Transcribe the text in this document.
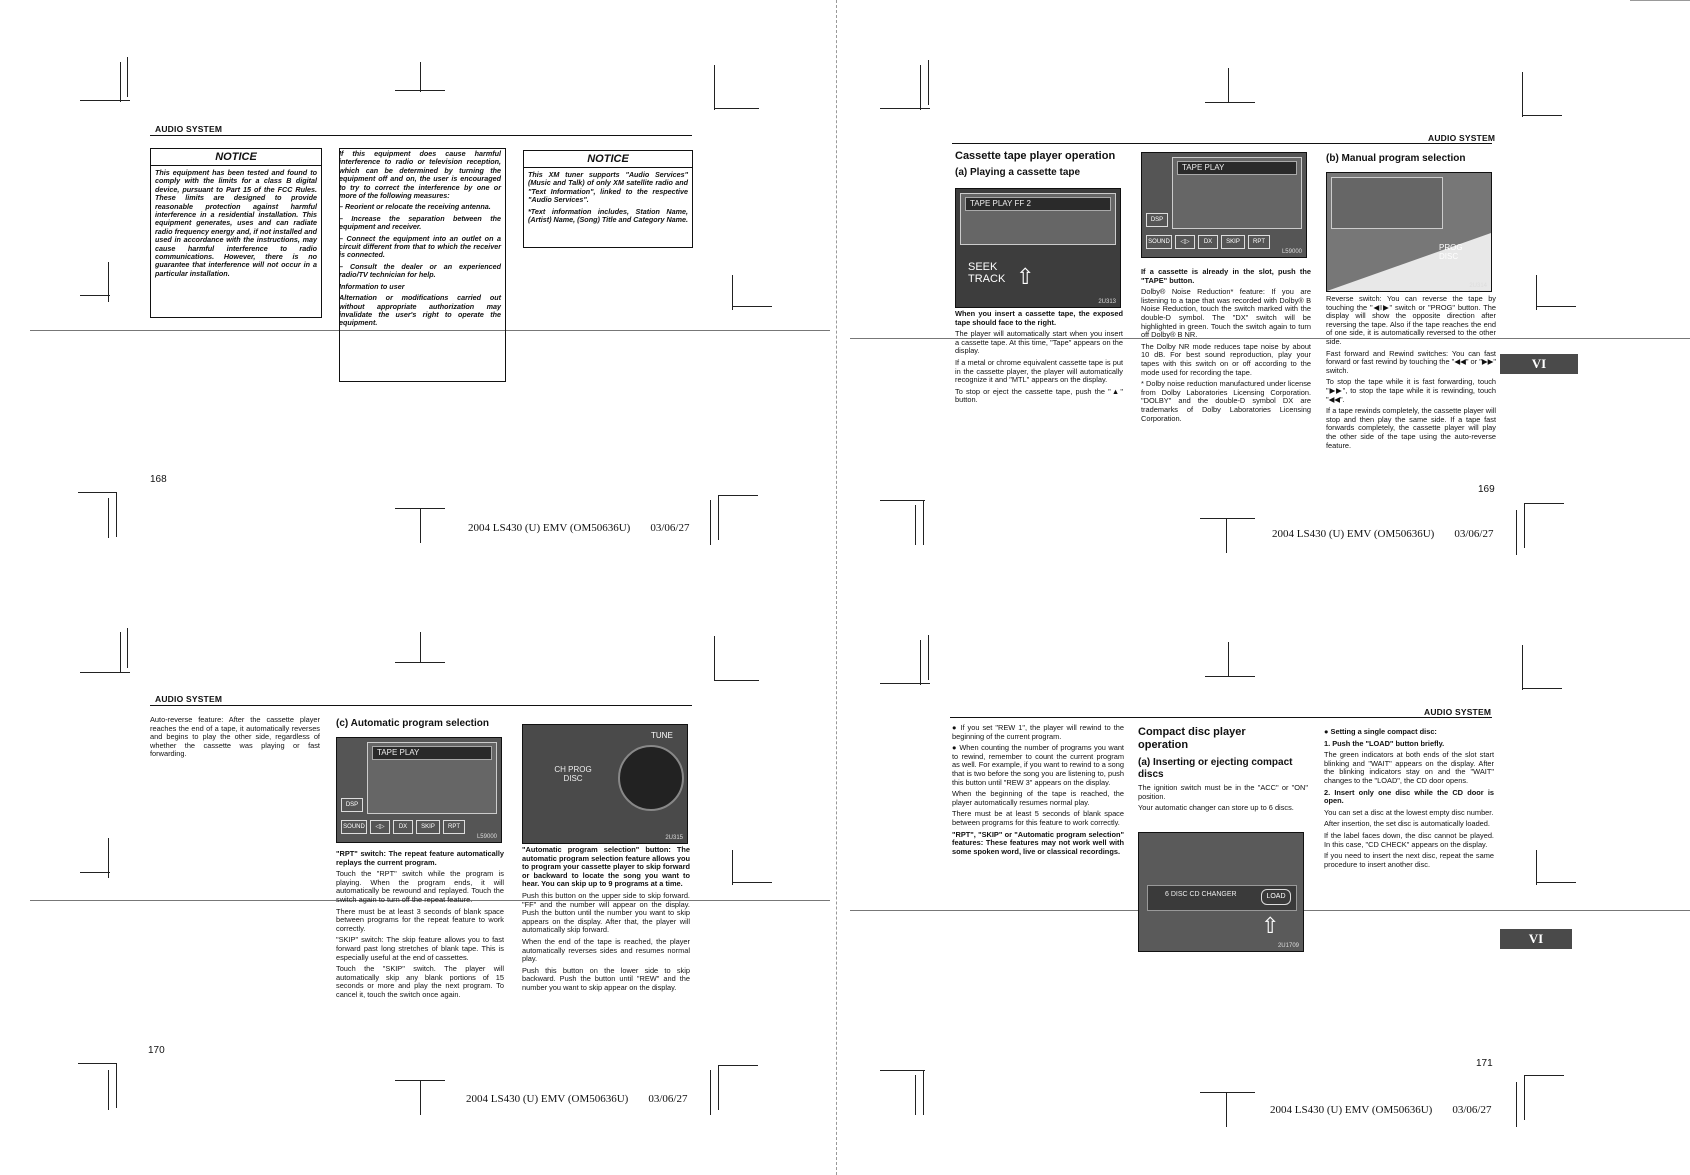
AUDIO SYSTEM
NOTICE
This equipment has been tested and found to comply with the limits for a class B digital device, pursuant to Part 15 of the FCC Rules. These limits are designed to provide reasonable protection against harmful interference in a residential installation. This equipment generates, uses and can radiate radio frequency energy and, if not installed and used in accordance with the instructions, may cause harmful interference to radio communications. However, there is no guarantee that interference will not occur in a particular installation.

If this equipment does cause harmful interference to radio or television reception, which can be determined by turning the equipment off and on, the user is encouraged to try to correct the interference by one or more of the following measures:

– Reorient or relocate the receiving antenna.

– Increase the separation between the equipment and receiver.

– Connect the equipment into an outlet on a circuit different from that to which the receiver is connected.

– Consult the dealer or an experienced radio/TV technician for help.

Information to user

Alternation or modifications carried out without appropriate authorization may invalidate the user's right to operate the equipment.

NOTICE
This XM tuner supports "Audio Services" (Music and Talk) of only XM satellite radio and "Text Information", linked to the respective "Audio Services".
*Text information includes, Station Name, (Artist) Name, (Song) Title and Category Name.
168
2004 LS430 (U) EMV (OM50636U) 03/06/27
AUDIO SYSTEM
Cassette tape player operation
(a) Playing a cassette tape
TAPE PLAY FF 2
SEEK
TRACK ⇧
2U313

When you insert a cassette tape, the exposed tape should face to the right.

The player will automatically start when you insert a cassette tape. At this time, "Tape" appears on the display.

If a metal or chrome equivalent cassette tape is put in the cassette player, the player will automatically recognize it and "MTL" appears on the display.

To stop or eject the cassette tape, push the "▲" button.

TAPE PLAY
DSP
SOUND	◁▷	DX	SKIP	RPT
L59000

If a cassette is already in the slot, push the "TAPE" button.

Dolby® Noise Reduction* feature: If you are listening to a tape that was recorded with Dolby® B Noise Reduction, touch the switch marked with the double-D symbol. The "DX" switch will be highlighted in green. Touch the switch again to turn off Dolby® B NR.

The Dolby NR mode reduces tape noise by about 10 dB. For best sound reproduction, play your tapes with this switch on or off according to the mode used for recording the tape.

* Dolby noise reduction manufactured under license from Dolby Laboratories Licensing Corporation. "DOLBY" and the double-D symbol DX are trademarks of Dolby Laboratories Licensing Corporation.

(b) Manual program selection
PROG DISC
2U314

Reverse switch: You can reverse the tape by touching the "◀I▶" switch or "PROG" button. The display will show the opposite direction after reversing the tape. Also if the tape reaches the end of one side, it is automatically reversed to the other side.

Fast forward and Rewind switches: You can fast forward or fast rewind by touching the "◀◀" or "▶▶" switch.

To stop the tape while it is fast forwarding, touch "▶▶", to stop the tape while it is rewinding, touch "◀◀".

If a tape rewinds completely, the cassette player will stop and then play the same side. If a tape fast forwards completely, the cassette player will play the other side of the tape using the auto-reverse feature.

VI
169
2004 LS430 (U) EMV (OM50636U) 03/06/27
AUDIO SYSTEM

Auto-reverse feature: After the cassette player reaches the end of a tape, it automatically reverses and begins to play the other side, regardless of whether the cassette was playing or fast forwarding.

(c) Automatic program selection
TAPE PLAY
DSP
SOUND	◁▷	DX	SKIP	RPT
L59000

"RPT" switch: The repeat feature automatically replays the current program.

Touch the "RPT" switch while the program is playing. When the program ends, it will automatically be rewound and replayed. Touch the switch again to turn off the repeat feature.

There must be at least 3 seconds of blank space between programs for the repeat feature to work correctly.

"SKIP" switch: The skip feature allows you to fast forward past long stretches of blank tape. This is especially useful at the end of cassettes.

Touch the "SKIP" switch. The player will automatically skip any blank portions of 15 seconds or more and play the next program. To cancel it, touch the switch once again.

TUNE
CH PROG DISC
2U315

"Automatic program selection" button: The automatic program selection feature allows you to program your cassette player to skip forward or backward to locate the song you want to hear. You can skip up to 9 programs at a time.

Push this button on the upper side to skip forward. "FF" and the number will appear on the display. Push the button until the number you want to skip appears on the display. After that, the player will automatically skip forward.

When the end of the tape is reached, the player automatically reverses sides and resumes normal play.

Push this button on the lower side to skip backward. Push the button until "REW" and the number you want to skip appear on the display.

170
2004 LS430 (U) EMV (OM50636U) 03/06/27
AUDIO SYSTEM

● If you set "REW 1", the player will rewind to the beginning of the current program.

● When counting the number of programs you want to rewind, remember to count the current program as well. For example, if you want to rewind to a song that is two before the song you are listening to, push this button until "REW 3" appears on the display.

When the beginning of the tape is reached, the player automatically resumes normal play.

There must be at least 5 seconds of blank space between programs for this feature to work correctly.

"RPT", "SKIP" or "Automatic program selection" features: These features may not work well with some spoken word, live or classical recordings.

Compact disc player operation
(a) Inserting or ejecting compact discs

The ignition switch must be in the "ACC" or "ON" position.

Your automatic changer can store up to 6 discs.

6 DISC CD CHANGER	LOAD
⇧
2U1709

● Setting a single compact disc:

1. Push the "LOAD" button briefly.

The green indicators at both ends of the slot start blinking and "WAIT" appears on the display. After the blinking indicators stay on and the "WAIT" changes to the "LOAD", the CD door opens.

2. Insert only one disc while the CD door is open.

You can set a disc at the lowest empty disc number.

After insertion, the set disc is automatically loaded.

If the label faces down, the disc cannot be played. In this case, "CD CHECK" appears on the display.

If you need to insert the next disc, repeat the same procedure to insert another disc.

VI
171
2004 LS430 (U) EMV (OM50636U) 03/06/27
